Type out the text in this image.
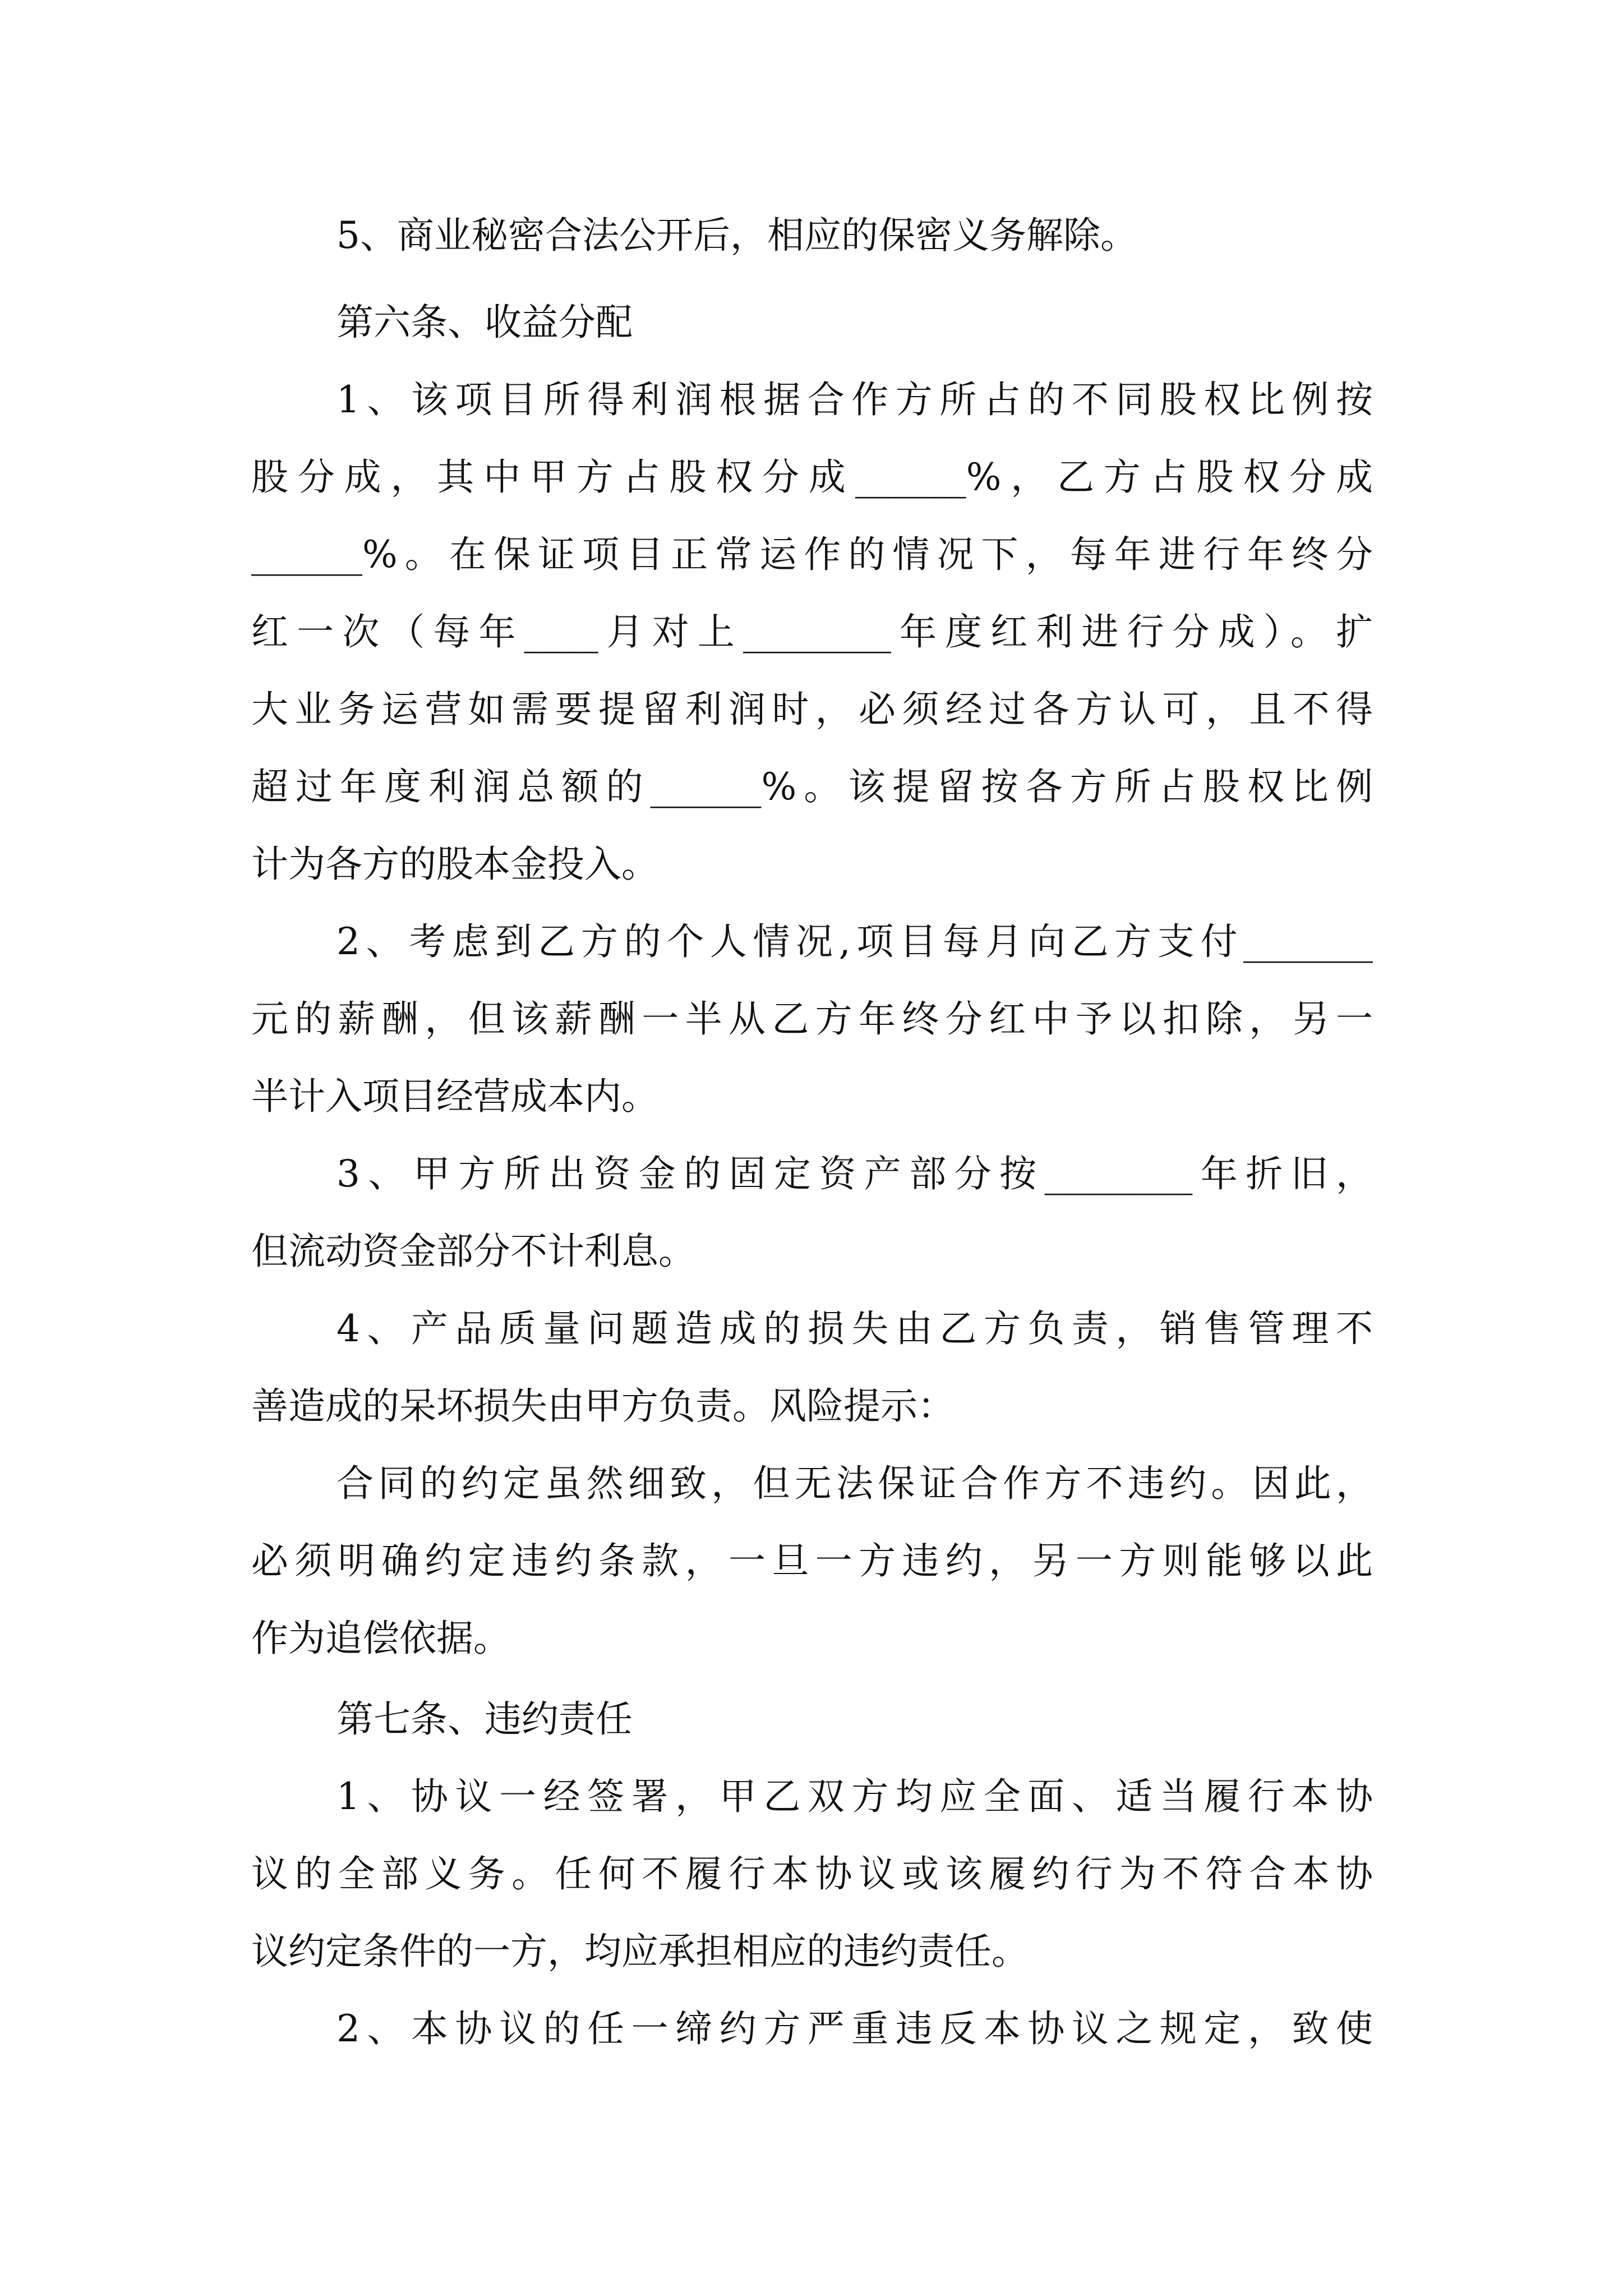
5、商业秘密合法公开后，相应的保密义务解除。
第六条、收益分配
1、该项目所得利润根据合作方所占的不同股权比例按
股分成，其中甲方占股权分成______%，乙方占股权分成
______%。在保证项目正常运作的情况下，每年进行年终分
红一次（每年____月对上________年度红利进行分成）。扩
大业务运营如需要提留利润时，必须经过各方认可，且不得
超过年度利润总额的______%。该提留按各方所占股权比例
计为各方的股本金投入。
2、考虑到乙方的个人情况,项目每月向乙方支付_______
元的薪酬，但该薪酬一半从乙方年终分红中予以扣除，另一
半计入项目经营成本内。
3、甲方所出资金的固定资产部分按________年折旧，
但流动资金部分不计利息。
4、产品质量问题造成的损失由乙方负责，销售管理不
善造成的呆坏损失由甲方负责。风险提示：
合同的约定虽然细致，但无法保证合作方不违约。因此，
必须明确约定违约条款，一旦一方违约，另一方则能够以此
作为追偿依据。
第七条、违约责任
1、协议一经签署，甲乙双方均应全面、适当履行本协
议的全部义务。任何不履行本协议或该履约行为不符合本协
议约定条件的一方，均应承担相应的违约责任。
2、本协议的任一缔约方严重违反本协议之规定，致使
